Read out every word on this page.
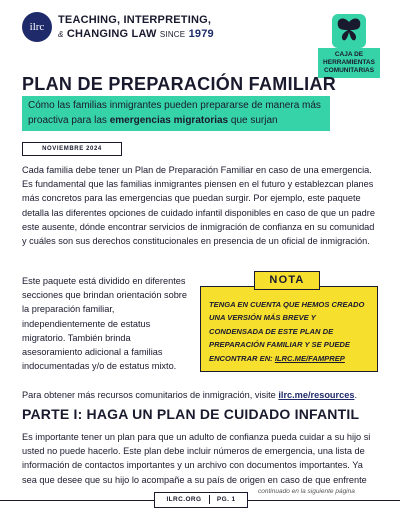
ilrc
TEACHING, INTERPRETING,
& CHANGING LAW SINCE 1979
CAJA DE
HERRAMIENTAS
COMUNITARIAS
PLAN DE PREPARACIÓN FAMILIAR
Cómo las familias inmigrantes pueden prepararse de manera más proactiva para las emergencias migratorias que surjan
NOVIEMBRE 2024
Cada familia debe tener un Plan de Preparación Familiar en caso de una emergencia. Es fundamental que las familias inmigrantes piensen en el futuro y establezcan planes más concretos para las emergencias que puedan surgir. Por ejemplo, este paquete detalla las diferentes opciones de cuidado infantil disponibles en caso de que un padre este ausente, dónde encontrar servicios de inmigración de confianza en su comunidad y cuáles son sus derechos constitucionales en presencia de un oficial de inmigración.
Este paquete está dividido en diferentes secciones que brindan orientación sobre la preparación familiar, independientemente de estatus migratorio. También brinda asesoramiento adicional a familias indocumentadas y/o de estatus mixto.
TENGA EN CUENTA QUE HEMOS CREADO UNA VERSIÓN MÁS BREVE Y CONDENSADA DE ESTE PLAN DE PREPARACIÓN FAMILIAR Y SE PUEDE ENCONTRAR EN: ILRC.ME/FAMPREP
NOTA
Para obtener más recursos comunitarios de inmigración, visite ilrc.me/resources.
PARTE I: HAGA UN PLAN DE CUIDADO INFANTIL
Es importante tener un plan para que un adulto de confianza pueda cuidar a su hijo si usted no puede hacerlo. Este plan debe incluir números de emergencia, una lista de información de contactos importantes y un archivo con documentos importantes. Ya sea que desee que su hijo lo acompañe a su país de origen en caso de que enfrente
continuado en la siguiente página
ILRC.ORG PG. 1
